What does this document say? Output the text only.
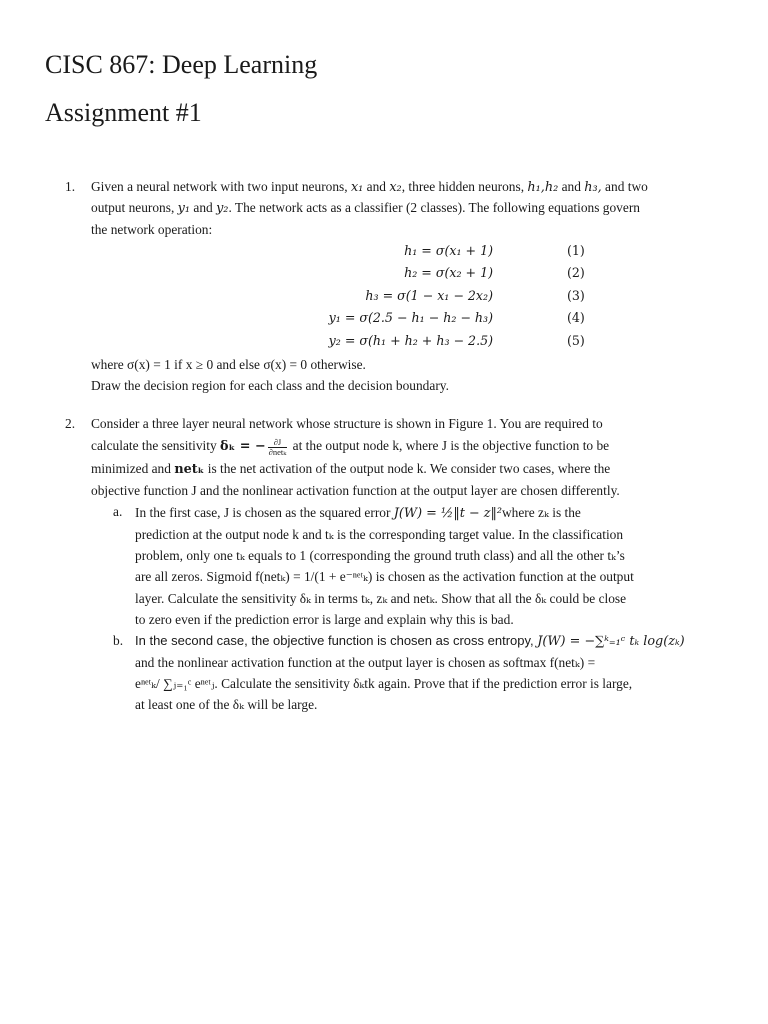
CISC 867: Deep Learning
Assignment #1
1. Given a neural network with two input neurons, x₁ and x₂, three hidden neurons, h₁,h₂ and h₃, and two
output neurons, y₁ and y₂. The network acts as a classifier (2 classes). The following equations govern
the network operation:
h₁ = σ(x₁ + 1)	(1)
h₂ = σ(x₂ + 1)	(2)
h₃ = σ(1 − x₁ − 2x₂)	(3)
y₁ = σ(2.5 − h₁ − h₂ − h₃)	(4)
y₂ = σ(h₁ + h₂ + h₃ − 2.5)	(5)
where σ(x) = 1 if x ≥ 0 and else σ(x) = 0 otherwise.
Draw the decision region for each class and the decision boundary.
2. Consider a three layer neural network whose structure is shown in Figure 1. You are required to
calculate the sensitivity δₖ = − $\frac{\partial J}{\text{∂netₖ}}$ at the output node k, where J is the objective function to be
minimized and netₖ is the net activation of the output node k. We consider two cases, where the
objective function J and the nonlinear activation function at the output layer are chosen differently.
a. In the first case, J is chosen as the squared error J(W) = ½‖t − z‖²where zₖ is the
prediction at the output node k and tₖ is the corresponding target value. In the classification
problem, only one tₖ equals to 1 (corresponding the ground truth class) and all the other tₖ’s
are all zeros. Sigmoid f(netₖ) = 1/(1 + e⁻ⁿᵉᵗₖ) is chosen as the activation function at the output
layer. Calculate the sensitivity δₖ in terms tₖ, zₖ and netₖ. Show that all the δₖ could be close
to zero even if the prediction error is large and explain why this is bad.
b. In the second case, the objective function is chosen as cross entropy, J(W) = −∑ᵏ₌₁ᶜ tₖ log(zₖ)
and the nonlinear activation function at the output layer is chosen as softmax f(netₖ) =
eⁿᵉᵗₖ/ ∑ⱼ₌₁ᶜ eⁿᵉᵗⱼ. Calculate the sensitivity δₖtk again. Prove that if the prediction error is large,
at least one of the δₖ will be large.
